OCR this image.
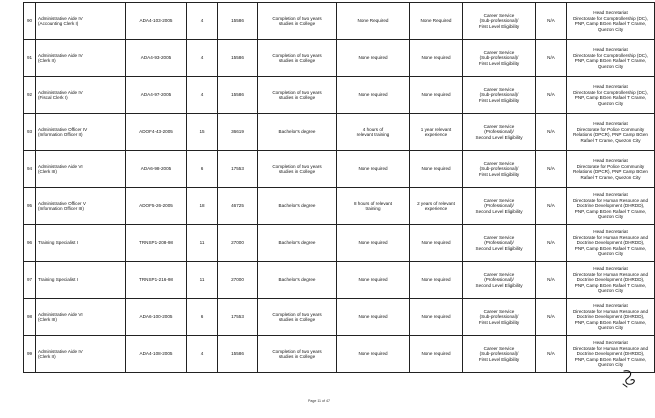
90	Administrative Aide IV
(Accounting Clerk I)	ADA4-103-2005	4	15586	Completion of two years
studies in College	None Required	None Required	Career Service
(Sub-professional)/
First Level Eligibility	N/A	Head Secretariat
Directorate for Comptrollership (DC),
PNP, Camp BGen Rafael T Crame,
Quezon City

91	Administrative Aide IV
(Clerk II)	ADA4-93-2005	4	15586	Completion of two years
studies in College	None required	None required	Career Service
(Sub-professional)/
First Level Eligibility	N/A	Head Secretariat
Directorate for Comptrollership (DC),
PNP, Camp BGen Rafael T Crame,
Quezon City

92	Administrative Aide IV
(Fiscal Clerk I)	ADA4-97-2005	4	15586	Completion of two years
studies in College	None required	None required	Career Service
(Sub-professional)/
First Level Eligibility	N/A	Head Secretariat
Directorate for Comptrollership (DC),
PNP, Camp BGen Rafael T Crame,
Quezon City

93	Administrative Officer IV
(Information Officer II)	ADOF4-43-2005	15	36619	Bachelor's degree	4 hours of
relevant training	1 year relevant
experience	Career Service
(Professional)/
Second Level Eligibility	N/A	Head Secretariat
Directorate for Police Community
Relations (DPCR), PNP Camp BGen
Rafael T Crame, Quezon City

94	Administrative Aide VI
(Clerk III)	ADA6-98-2005	6	17553	Completion of two years
studies in College	None required	None required	Career Service
(Sub-professional)/
First Level Eligibility	N/A	Head Secretariat
Directorate for Police Community
Relations (DPCR), PNP Camp BGen
Rafael T Crame, Quezon City

95	Administrative Officer V
(Information Officer III)	ADOF5-26-2005	18	46725	Bachelor's degree	8 hours of relevant
training	2 years of relevant
experience	Career Service
(Professional)/
Second Level Eligibility	N/A	Head Secretariat
Directorate for Human Resource and
Doctrine Development (DHRDD),
PNP, Camp BGen Rafael T Crame,
Quezon City

96	Training Specialist I	TRNSP1-208-98	11	27000	Bachelor's degree	None required	None required	Career Service
(Professional)/
Second Level Eligibility	N/A	Head Secretariat
Directorate for Human Resource and
Doctrine Development (DHRDD),
PNP, Camp BGen Rafael T Crame,
Quezon City

97	Training Specialist I	TRNSP1-216-98	11	27000	Bachelor's degree	None required	None required	Career Service
(Professional)/
Second Level Eligibility	N/A	Head Secretariat
Directorate for Human Resource and
Doctrine Development (DHRDD),
PNP, Camp BGen Rafael T Crame,
Quezon City

98	Administrative Aide VI
(Clerk III)	ADA6-100-2005	6	17553	Completion of two years
studies in College	None required	None required	Career Service
(Sub-professional)/
First Level Eligibility	N/A	Head Secretariat
Directorate for Human Resource and
Doctrine Development (DHRDD),
PNP, Camp BGen Rafael T Crame,
Quezon City

99	Administrative Aide IV
(Clerk II)	ADA4-108-2005	4	15586	Completion of two years
studies in College	None required	None required	Career Service
(Sub-professional)/
First Level Eligibility	N/A	Head Secretariat
Directorate for Human Resource and
Doctrine Development (DHRDD),
PNP, Camp BGen Rafael T Crame,
Quezon City
Page 11 of 47
